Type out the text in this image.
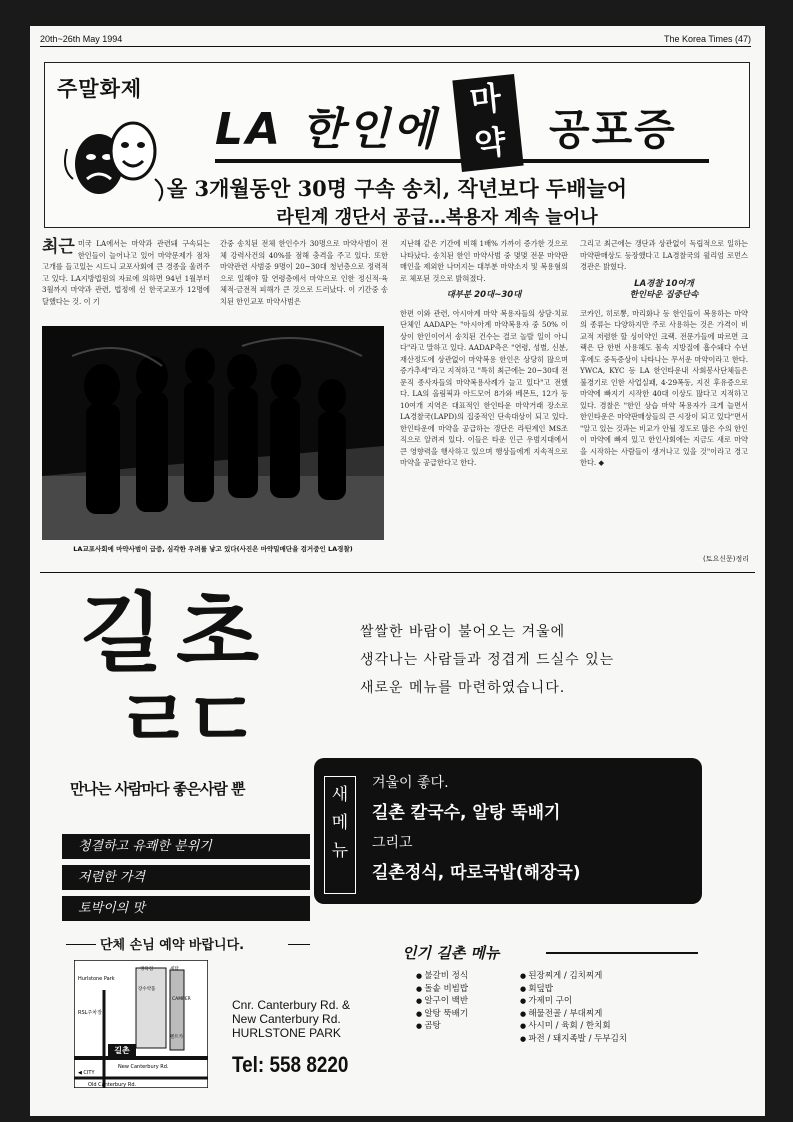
20th~26th May 1994	The Korea Times (47)
주말화제
LA 한인에
마
약 공포증
올 3개월동안 30명 구속 송치, 작년보다 두배늘어
라틴계 갱단서 공급…복용자 계속 늘어나
최근 미국 LA에서는 마약과 관련돼 구속되는 한인들이 늘어나고 있어 마약문제가 점차 고개를 들고있는 시드니 교포사회에 큰 경종을 울려주고 있다. LA지방법원의 자료에 의하면 94년 1월부터 3월까지 마약과 관련, 법정에 선 한국교포가 12명에 달했다는 것. 이 기
간중 송치된 전체 한인수가 30명으로 마약사범이 전체 강력사건의 40%를 점해 충격을 주고 있다. 또한 마약관련 사범중 9명이 20~30대 청년층으로 정력적으로 일해야 할 연령층에서 마약으로 인한 정신적·육체적·금전적 피해가 큰 것으로 드러났다. 이 기간중 송치된 한인교포 마약사범은
지난해 같은 기간에 비해 1배% 가까이 증가한 것으로 나타났다. 송치된 한인 마약사범 중 몇몇 전문 마약판매인을 제외한 나머지는 대부분 마약소지 및 복용혐의로 체포된 것으로 밝혀졌다.
대부분 20대~30대
한편 이와 관련, 아시아계 마약 복용자들의 상담·치료 단체인 AADAP는 "아시아계 마약복용자 중 50% 이상이 한인이어서 송치된 건수는 결코 놀랄 일이 아니다"라고 말하고 있다. AADAP측은 "연령, 성별, 신분, 재산정도에 상관없이 마약복용 한인은 상당히 많으며 증가추세"라고 지적하고 "특히 최근에는 20~30대 전문직 종사자들의 마약복용사례가 늘고 있다"고 전했다. LA의 올림픽과 아드모어 8가와 베몬트, 12가 등 10여개 지역은 대표적인 한인타운 마약거래 장소로 LA경찰국(LAPD)의 집중적인 단속대상이 되고 있다. 한인타운에 마약을 공급하는 갱단은 라틴계인 MS조직으로 알려져 있다. 이들은 타운 인근 우범지대에서 큰 영향력을 행사하고 있으며 행상들에게 지속적으로 마약을 공급한다고 한다.
그리고 최근에는 갱단과 상관없이 독립적으로 일하는 마약판매상도 등장했다고 LA경찰국의 윌리엄 로먼스 경관은 밝혔다.
LA경찰 10여개
한인타운 집중단속
코카인, 히로뽕, 마리화나 등 한인들이 복용하는 마약의 종류는 다양하지만 주로 사용하는 것은 가격이 비교적 저렴한 할 싱이약인 크랙. 전문가들에 따르면 크랙은 단 한번 사용해도 몸속 지방질에 흡수돼다 수년후에도 중독증상이 나타나는 무서운 마약이라고 한다. YWCA, KYC 등 LA 한인타운내 사회봉사단체들은 불경기로 인한 사업실패, 4·29폭동, 지진 후유증으로 마약에 빠지기 시작한 40대 이상도 많다고 지적하고 있다. 경찰은 "한인 상습 마약 복용자가 크게 늘면서 한인타운은 마약판매상들의 큰 시장이 되고 있다"면서 "알고 있는 것과는 비교가 안될 정도로 많은 수의 한인이 마약에 빠져 있고 한인사회에는 지금도 새로 마약을 시작하는 사람들이 생겨나고 있을 것"이라고 경고한다. ◆
LA교포사회에 마약사범이 급증, 심각한 우려를 낳고 있다(사진은 마약밀매단을 검거중인 LA경찰)
(토요신문)정리
길 초
ㄹㄷ
만나는 사람마다 좋은사람 뿐
청결하고 유쾌한 분위기
저렴한 가격
토박이의 맛
쌀쌀한 바람이 불어오는 겨울에
생각나는 사람들과 정겹게 드실수 있는
새로운 메뉴를 마련하였습니다.
새
메
뉴
겨울이 좋다.
길촌 칼국수, 알탕 뚝배기
그리고
길촌정식, 따로국밥(해장국)
단체 손님 예약 바랍니다.
길촌
Hurlstone Park
RSL주차장
New Canterbury Rd.
◀ CITY
Old Canterbury Rd.
정육점	세탁
장수약품
CAMPER
렌트카
Cnr. Canterbury Rd. &
New Canterbury Rd.
HURLSTONE PARK
Tel: 558 8220
인기 길촌 메뉴
● 불갈비 정식
● 돌솥 비빔밥
● 알구이 백반
● 알탕 뚝배기
● 곰탕
● 된장찌게 / 김치찌게
● 회덮밥
● 가제미 구이
● 해물전골 / 부대찌게
● 사시미 / 육회 / 한치회
● 파전 / 돼지족발 / 두부김치
